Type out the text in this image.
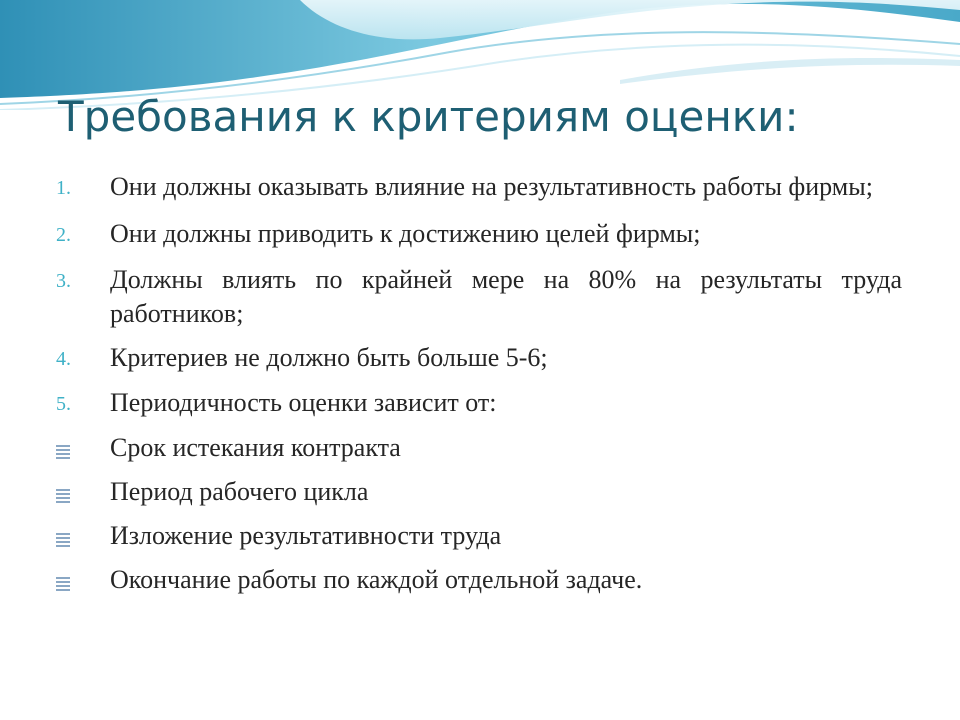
Требования к критериям оценки:
1.	Они должны оказывать влияние на результативность работы фирмы;
2.	Они должны приводить к достижению целей фирмы;
3.	Должны влиять по крайней мере на 80% на результаты труда работников;
4.	Критериев не должно быть больше 5-6;
5.	Периодичность оценки зависит от:
Срок истекания контракта
Период рабочего цикла
Изложение результативности труда
Окончание работы по каждой отдельной задаче.
